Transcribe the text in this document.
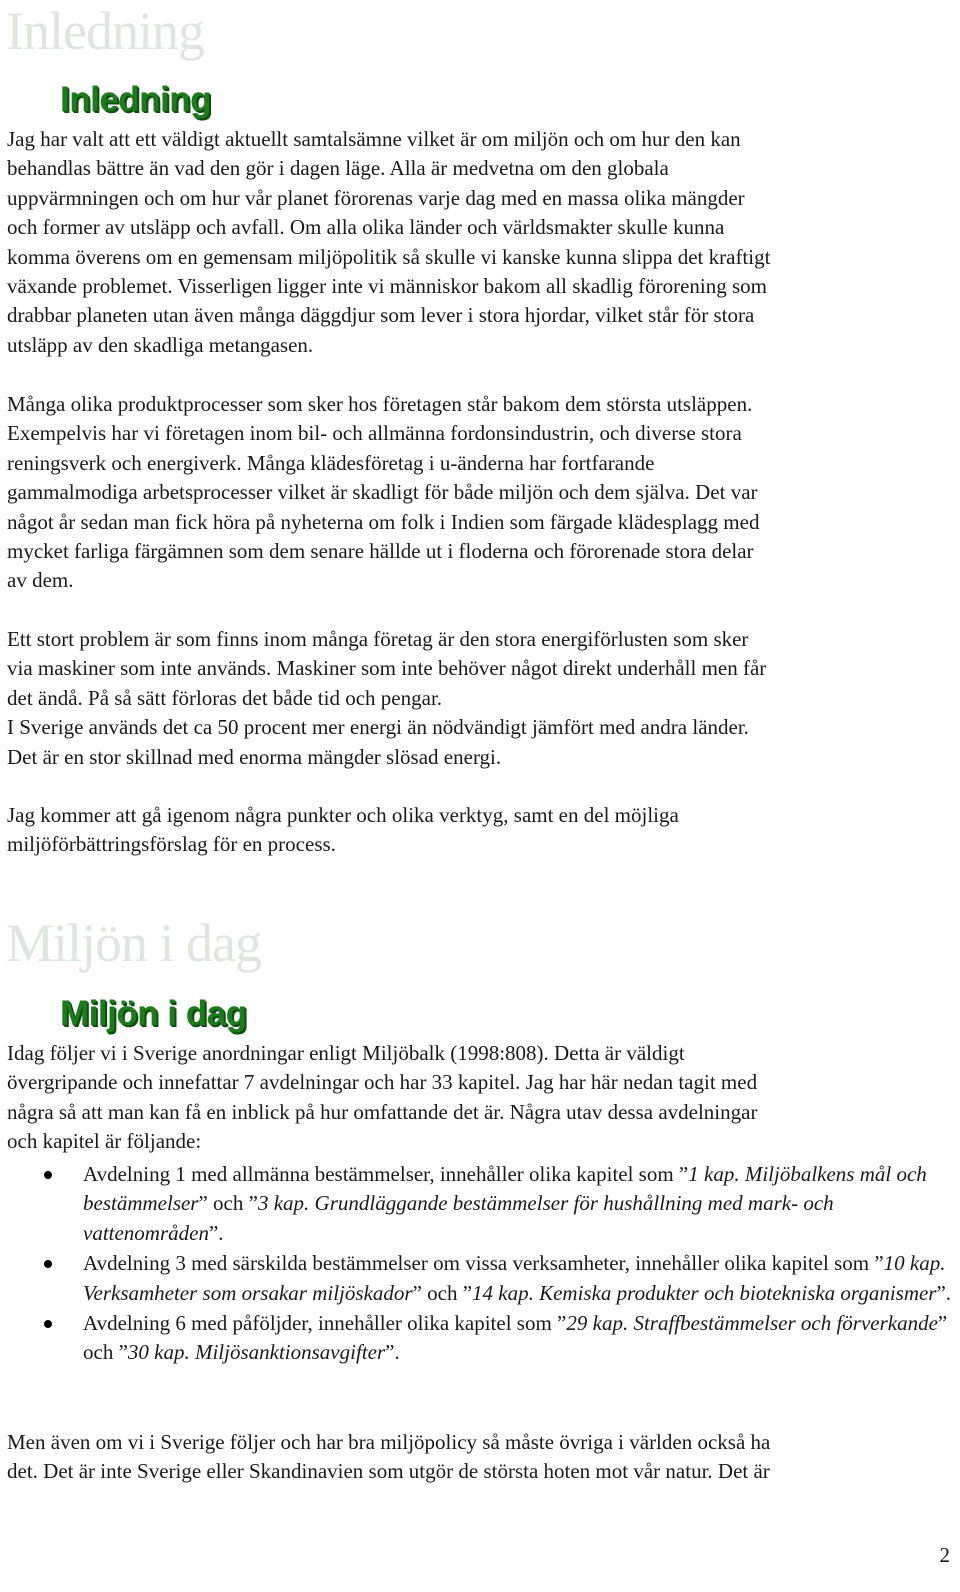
Inledning
Inledning
Jag har valt att ett väldigt aktuellt samtalsämne vilket är om miljön och om hur den kan
behandlas bättre än vad den gör i dagen läge. Alla är medvetna om den globala
uppvärmningen och om hur vår planet förorenas varje dag med en massa olika mängder
och former av utsläpp och avfall. Om alla olika länder och världsmakter skulle kunna
komma överens om en gemensam miljöpolitik så skulle vi kanske kunna slippa det kraftigt
växande problemet. Visserligen ligger inte vi människor bakom all skadlig förorening som
drabbar planeten utan även många däggdjur som lever i stora hjordar, vilket står för stora
utsläpp av den skadliga metangasen.
Många olika produktprocesser som sker hos företagen står bakom dem största utsläppen.
Exempelvis har vi företagen inom bil- och allmänna fordonsindustrin, och diverse stora
reningsverk och energiverk. Många klädesföretag i u-änderna har fortfarande
gammalmodiga arbetsprocesser vilket är skadligt för både miljön och dem själva. Det var
något år sedan man fick höra på nyheterna om folk i Indien som färgade klädesplagg med
mycket farliga färgämnen som dem senare hällde ut i floderna och förorenade stora delar
av dem.
Ett stort problem är som finns inom många företag är den stora energiförlusten som sker
via maskiner som inte används. Maskiner som inte behöver något direkt underhåll men får
det ändå. På så sätt förloras det både tid och pengar.
I Sverige används det ca 50 procent mer energi än nödvändigt jämfört med andra länder.
Det är en stor skillnad med enorma mängder slösad energi.
Jag kommer att gå igenom några punkter och olika verktyg, samt en del möjliga
miljöförbättringsförslag för en process.
Miljön i dag
Miljön i dag
Idag följer vi i Sverige anordningar enligt Miljöbalk (1998:808). Detta är väldigt
övergripande och innefattar 7 avdelningar och har 33 kapitel. Jag har här nedan tagit med
några så att man kan få en inblick på hur omfattande det är. Några utav dessa avdelningar
och kapitel är följande:
Avdelning 1 med allmänna bestämmelser, innehåller olika kapitel som ”1 kap. Miljöbalkens mål och bestämmelser” och ”3 kap. Grundläggande bestämmelser för hushållning med mark- och vattenområden”.
Avdelning 3 med särskilda bestämmelser om vissa verksamheter, innehåller olika kapitel som ”10 kap. Verksamheter som orsakar miljöskador” och ”14 kap. Kemiska produkter och biotekniska organismer”.
Avdelning 6 med påföljder, innehåller olika kapitel som ”29 kap. Straffbestämmelser och förverkande” och ”30 kap. Miljösanktionsavgifter”.
Men även om vi i Sverige följer och har bra miljöpolicy så måste övriga i världen också ha
det. Det är inte Sverige eller Skandinavien som utgör de största hoten mot vår natur. Det är
2
